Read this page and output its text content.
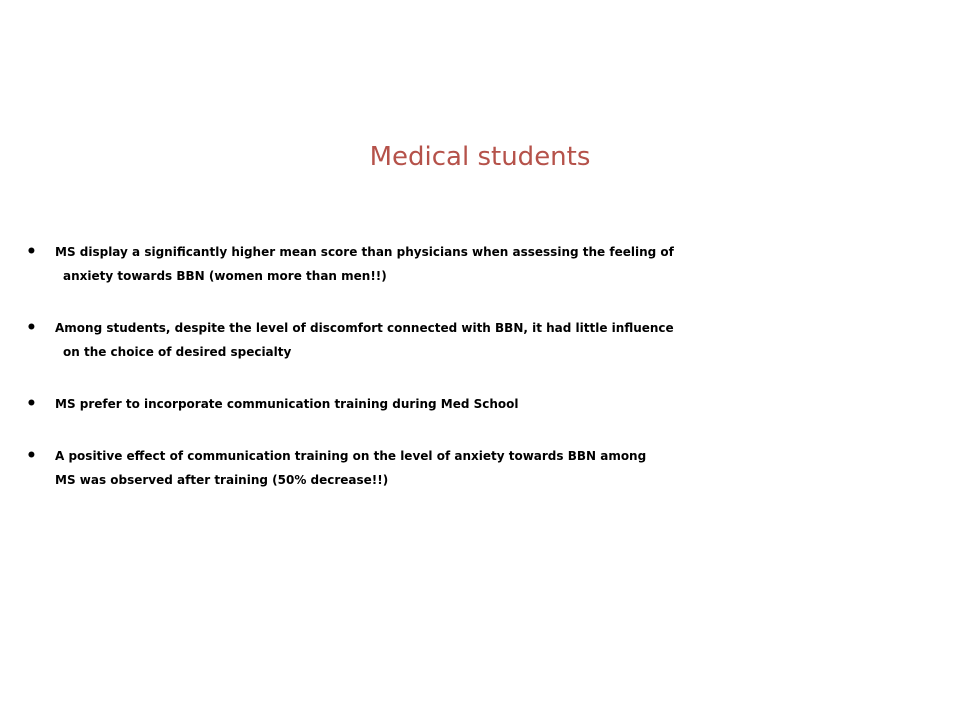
Medical students
•	MS display a significantly higher mean score than physicians when assessing the feeling of
anxiety towards BBN (women more than men!!)
•	Among students, despite the level of discomfort connected with BBN, it had little influence
on the choice of desired specialty
•	MS prefer to incorporate communication training during Med School
•	A positive effect of communication training on the level of anxiety towards BBN among
MS was observed after training (50% decrease!!)
